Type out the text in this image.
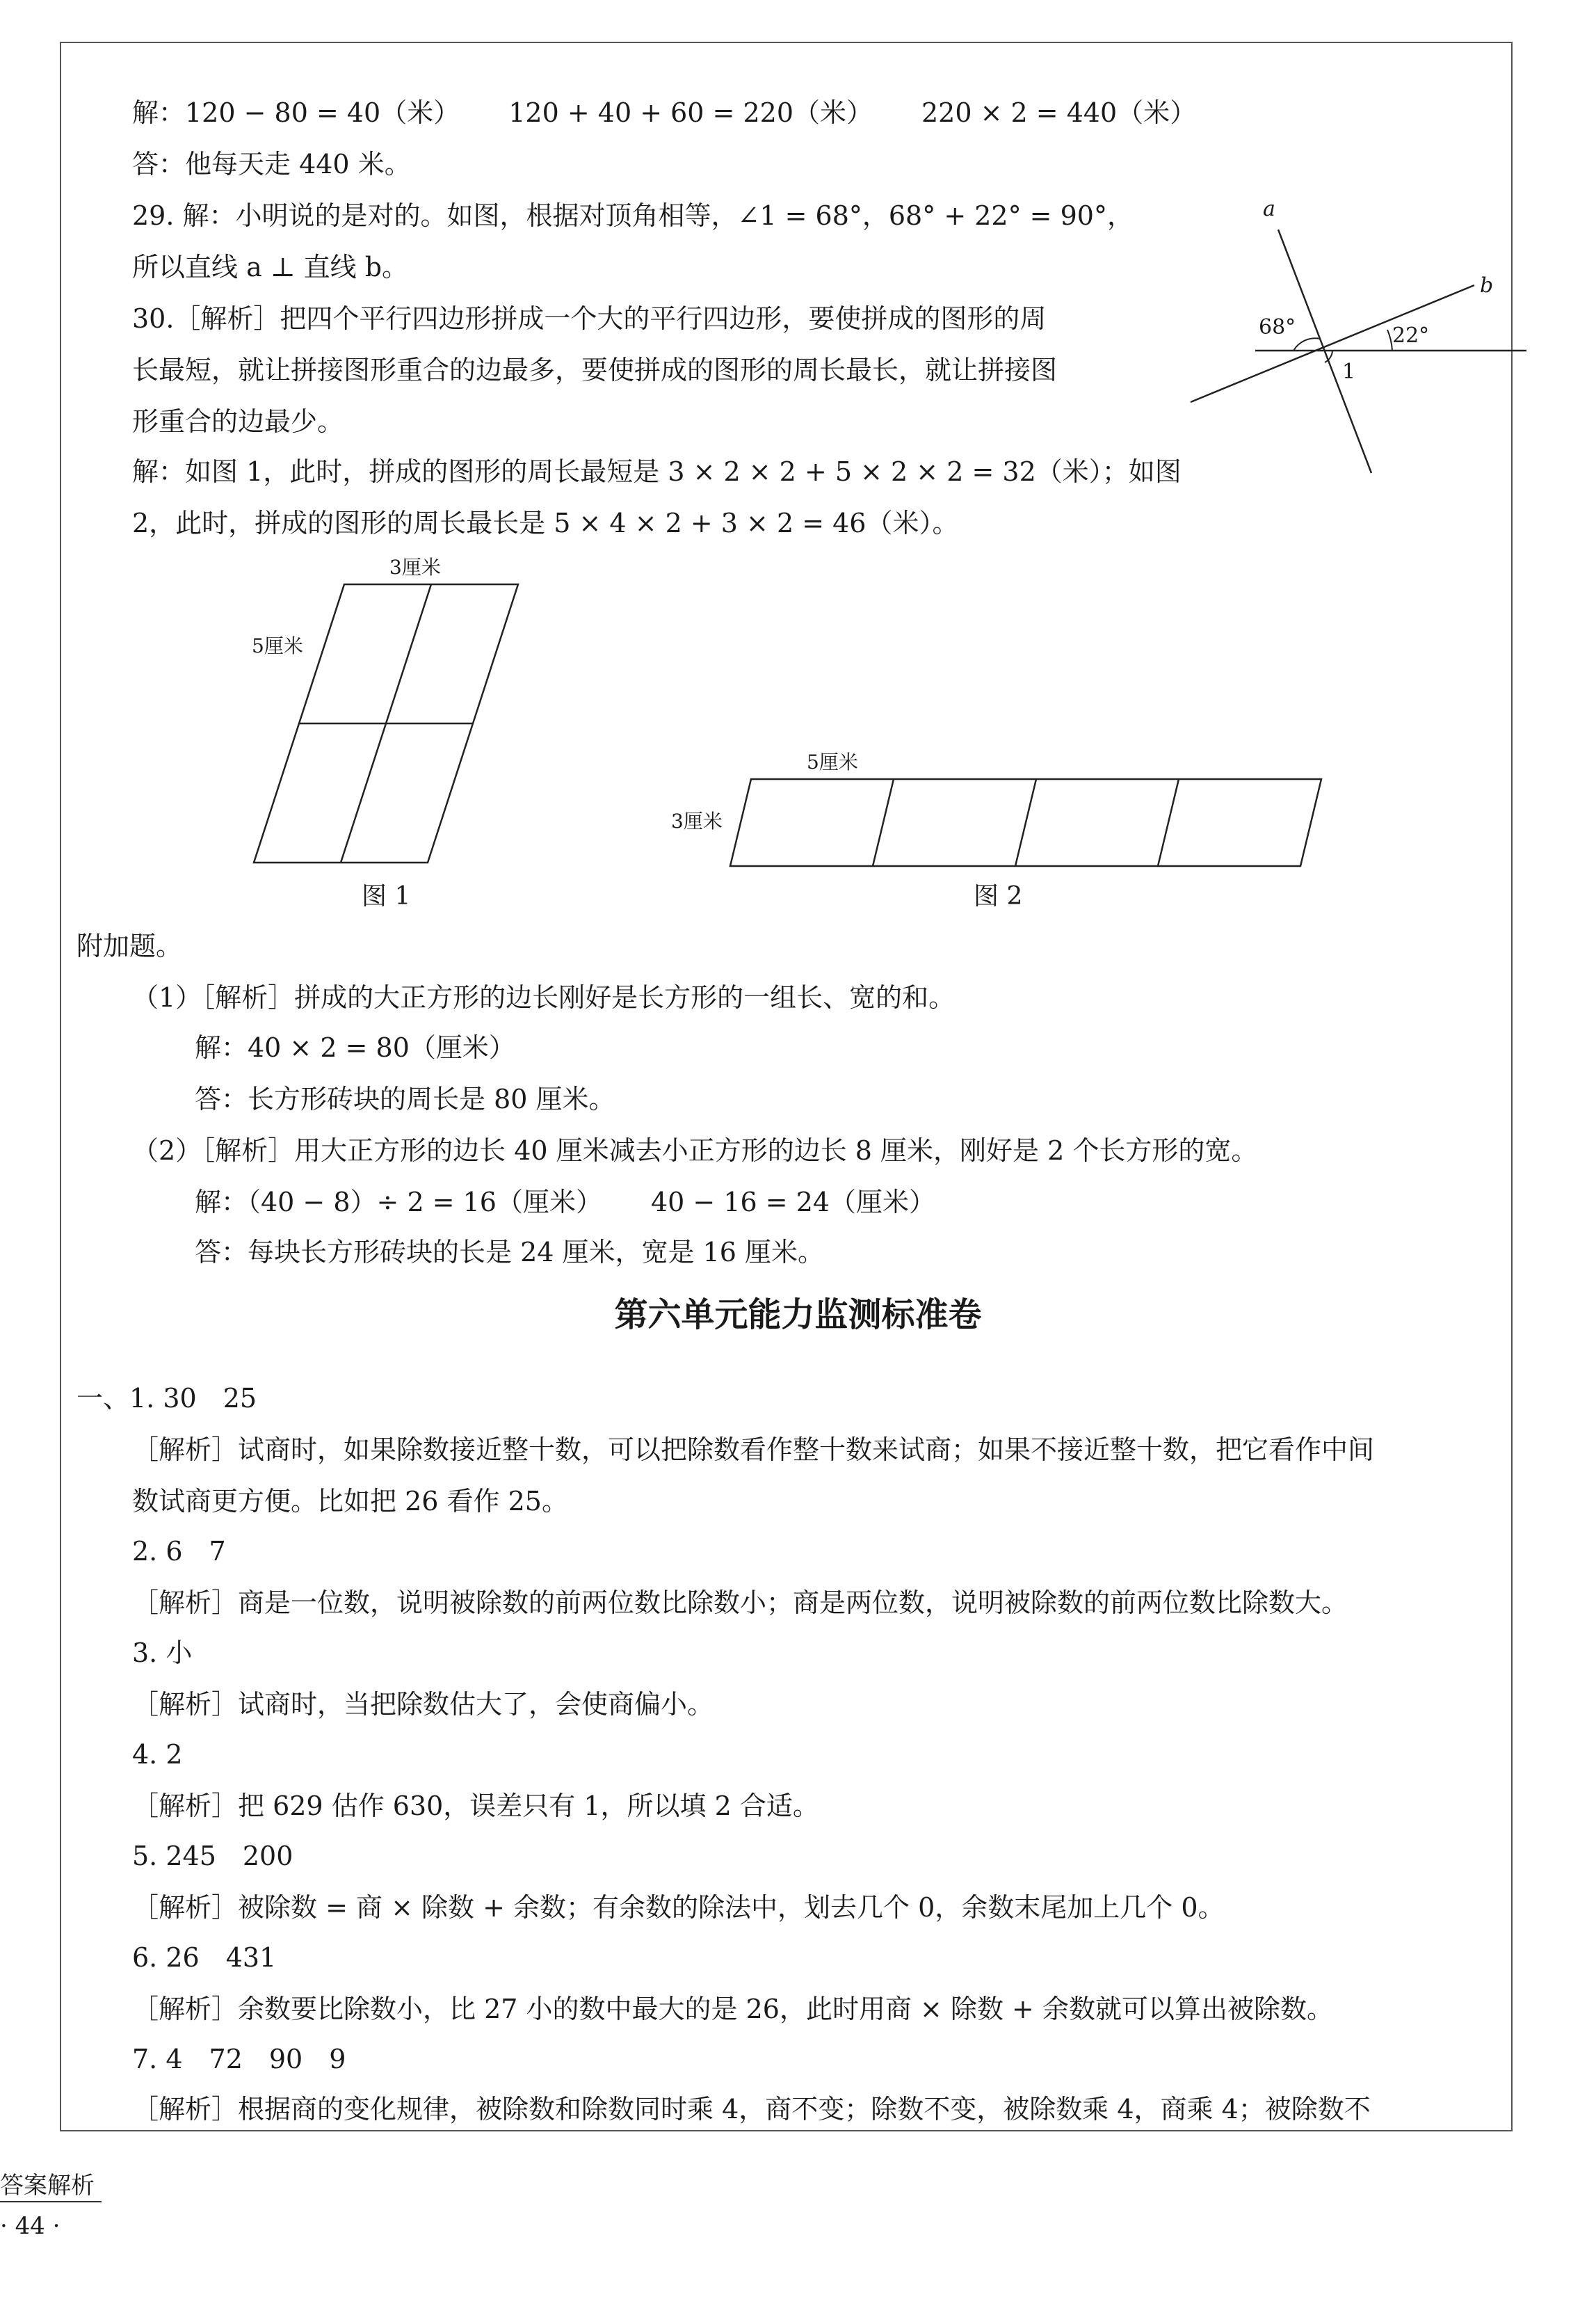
解：120 − 80 = 40（米） 120 + 40 + 60 = 220（米） 220 × 2 = 440（米）
答：他每天走 440 米。
29. 解：小明说的是对的。如图，根据对顶角相等，∠1 = 68°，68° + 22° = 90°，
所以直线 a ⊥ 直线 b。
30.［解析］把四个平行四边形拼成一个大的平行四边形，要使拼成的图形的周
长最短，就让拼接图形重合的边最多，要使拼成的图形的周长最长，就让拼接图
形重合的边最少。
解：如图 1，此时，拼成的图形的周长最短是 3 × 2 × 2 + 5 × 2 × 2 = 32（米）；如图
2，此时，拼成的图形的周长最长是 5 × 4 × 2 + 3 × 2 = 46（米）。
a
b
68°	22°
1
3厘米
5厘米
图 1
5厘米
3厘米
图 2
附加题。
（1）［解析］拼成的大正方形的边长刚好是长方形的一组长、宽的和。
解：40 × 2 = 80（厘米）
答：长方形砖块的周长是 80 厘米。
（2）［解析］用大正方形的边长 40 厘米减去小正方形的边长 8 厘米，刚好是 2 个长方形的宽。
解：（40 − 8）÷ 2 = 16（厘米） 40 − 16 = 24（厘米）
答：每块长方形砖块的长是 24 厘米，宽是 16 厘米。
第六单元能力监测标准卷
一、1. 30　25
［解析］试商时，如果除数接近整十数，可以把除数看作整十数来试商；如果不接近整十数，把它看作中间
数试商更方便。比如把 26 看作 25。
2. 6　7
［解析］商是一位数，说明被除数的前两位数比除数小；商是两位数，说明被除数的前两位数比除数大。
3. 小
［解析］试商时，当把除数估大了，会使商偏小。
4. 2
［解析］把 629 估作 630，误差只有 1，所以填 2 合适。
5. 245　200
［解析］被除数 = 商 × 除数 + 余数；有余数的除法中，划去几个 0，余数末尾加上几个 0。
6. 26　431
［解析］余数要比除数小，比 27 小的数中最大的是 26，此时用商 × 除数 + 余数就可以算出被除数。
7. 4　72　90　9
［解析］根据商的变化规律，被除数和除数同时乘 4，商不变；除数不变，被除数乘 4，商乘 4；被除数不
答案解析
· 44 ·
